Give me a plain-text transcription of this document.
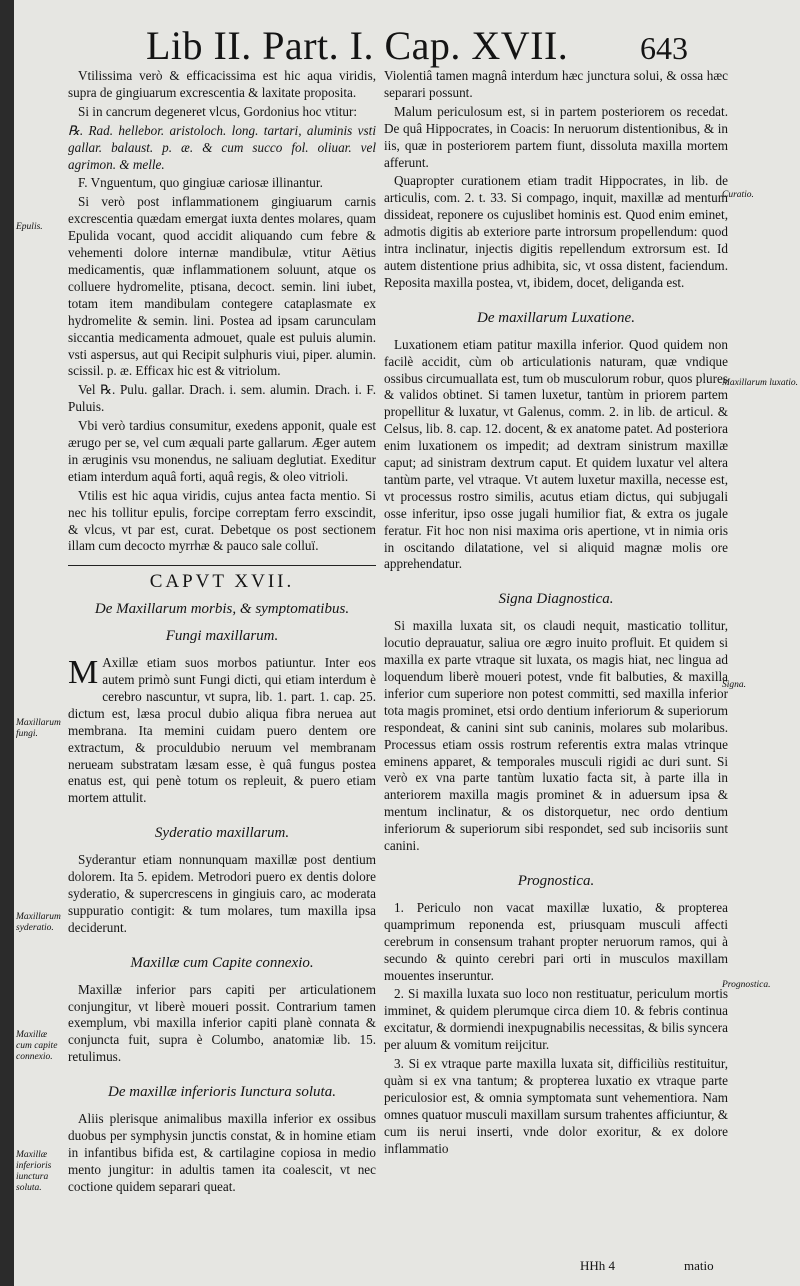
Lib II. Part. I. Cap. XVII. 643
Epulis.
Maxillarum fungi.
Maxillarum syderatio.
Maxillæ cum capite connexio.
Maxillæ inferioris iunctura soluta.
Curatio.
Maxillarum luxatio.
Signa.
Prognostica.

Vtilissima verò & efficacissima est hic aqua viridis, supra de gingiuarum excrescentia & laxitate proposita.

Si in cancrum degeneret vlcus, Gordonius hoc vtitur:

℞. Rad. hellebor. aristoloch. long. tartari, aluminis vsti gallar. balaust. p. æ. & cum succo fol. oliuar. vel agrimon. & melle.

F. Vnguentum, quo gingiuæ cariosæ illinantur.

Si verò post inflammationem gingiuarum carnis excrescentia quædam emergat iuxta dentes molares, quam Epulida vocant, quod accidit aliquando cum febre & vehementi dolore internæ mandibulæ, vtitur Aëtius medicamentis, quæ inflammationem soluunt, atque os colluere hydromelite, ptisana, decoct. semin. lini iubet, totam item mandibulam contegere cataplasmate ex hydromelite & semin. lini. Postea ad ipsam carunculam siccantia medicamenta admouet, quale est puluis alumin. vsti aspersus, aut qui Recipit sulphuris viui, piper. alumin. scissil. p. æ. Efficax hic est & vitriolum.

Vel ℞. Pulu. gallar. Drach. i. sem. alumin. Drach. i. F. Puluis.

Vbi verò tardius consumitur, exedens apponit, quale est ærugo per se, vel cum æquali parte gallarum. Æger autem in æruginis vsu monendus, ne saliuam deglutiat. Exeditur etiam interdum aquâ forti, aquâ regis, & oleo vitrioli.

Vtilis est hic aqua viridis, cujus antea facta mentio. Si nec his tollitur epulis, forcipe correptam ferro exscindit, & vlcus, vt par est, curat. Debetque os post sectionem illam cum decocto myrrhæ & pauco sale colluï.

CAPVT XVII.
De Maxillarum morbis, & symptomatibus.
Fungi maxillarum.

M Axillæ etiam suos morbos patiuntur. Inter eos autem primò sunt Fungi dicti, qui etiam interdum è cerebro nascuntur, vt supra, lib. 1. part. 1. cap. 25. dictum est, læsa procul dubio aliqua fibra neruea aut membrana. Ita memini cuidam puero dentem ore extractum, & proculdubio neruum vel membranam nerueam substratam læsam esse, è quâ fungus postea enatus est, qui penè totum os repleuit, & puero etiam mortem attulit.

Syderatio maxillarum.

Syderantur etiam nonnunquam maxillæ post dentium dolorem. Ita 5. epidem. Metrodori puero ex dentis dolore syderatio, & supercrescens in gingiuis caro, ac moderata suppuratio contigit: & tum molares, tum maxilla ipsa deciderunt.

Maxillæ cum Capite connexio.

Maxillæ inferior pars capiti per articulationem conjungitur, vt liberè moueri possit. Contrarium tamen exemplum, vbi maxilla inferior capiti planè connata & conjuncta fuit, supra è Columbo, anatomiæ lib. 15. retulimus.

De maxillæ inferioris Iunctura soluta.

Aliis plerisque animalibus maxilla inferior ex ossibus duobus per symphysin junctis constat, & in homine etiam in infantibus bifida est, & cartilagine copiosa in medio mento jungitur: in adultis tamen ita coalescit, vt nec coctione quidem separari queat.

Violentiâ tamen magnâ interdum hæc junctura solui, & ossa hæc separari possunt.

Malum periculosum est, si in partem posteriorem os recedat. De quâ Hippocrates, in Coacis: In neruorum distentionibus, & in iis, quæ in posteriorem partem fiunt, dissoluta maxilla mortem afferunt.

Quapropter curationem etiam tradit Hippocrates, in lib. de articulis, com. 2. t. 33. Si compago, inquit, maxillæ ad mentum dissideat, reponere os cujuslibet hominis est. Quod enim eminet, admotis digitis ab exteriore parte introrsum propellendum: quod intra inclinatur, injectis digitis repellendum extrorsum est. Id autem distentione prius adhibita, sic, vt ossa distent, faciendum. Reposita maxilla postea, vt, ibidem, docet, deliganda est.

De maxillarum Luxatione.

Luxationem etiam patitur maxilla inferior. Quod quidem non facilè accidit, cùm ob articulationis naturam, quæ vndique ossibus circumuallata est, tum ob musculorum robur, quos plures & validos obtinet. Si tamen luxetur, tantùm in priorem partem propellitur & luxatur, vt Galenus, comm. 2. in lib. de articul. & Celsus, lib. 8. cap. 12. docent, & ex anatome patet. Ad posteriora enim luxationem os impedit; ad dextram sinistrum maxillæ caput; ad sinistram dextrum caput. Et quidem luxatur vel altera tantùm parte, vel vtraque. Vt autem luxetur maxilla, necesse est, vt processus rostro similis, acutus etiam dictus, qui subjugali osse inferitur, ipso osse jugali humilior fiat, & extra os jugale feratur. Fit hoc non nisi maxima oris apertione, vt in nimia oris in oscitando dilatatione, vel si aliquid magnæ molis ore apprehendatur.

Signa Diagnostica.

Si maxilla luxata sit, os claudi nequit, masticatio tollitur, locutio deprauatur, saliua ore ægro inuito profluit. Et quidem si maxilla ex parte vtraque sit luxata, os magis hiat, nec lingua ad loquendum liberè moueri potest, vnde fit balbuties, & maxilla inferior cum superiore non potest committi, sed maxilla inferior tota magis prominet, etsi ordo dentium inferiorum & superiorum respondeat, & canini sint sub caninis, molares sub molaribus. Processus etiam ossis rostrum referentis extra malas vtrinque eminens apparet, & temporales musculi rigidi ac duri sunt. Si verò ex vna parte tantùm luxatio facta sit, à parte illa in anteriorem maxilla magis prominet & in aduersum ipsa & mentum inclinatur, & os distorquetur, nec ordo dentium inferiorum & superiorum sibi respondet, sed sub incisoriis sunt canini.

Prognostica.

1. Periculo non vacat maxillæ luxatio, & propterea quamprimum reponenda est, priusquam musculi affecti cerebrum in consensum trahant propter neruorum ramos, qui à secundo & quinto cerebri pari orti in musculos maxillam mouentes inseruntur.

2. Si maxilla luxata suo loco non restituatur, periculum mortis imminet, & quidem plerumque circa diem 10. & febris continua excitatur, & dormiendi inexpugnabilis necessitas, & bilis syncera per aluum & vomitum reijcitur.

3. Si ex vtraque parte maxilla luxata sit, difficiliùs restituitur, quàm si ex vna tantum; & propterea luxatio ex vtraque parte periculosior est, & omnia symptomata sunt vehementiora. Nam omnes quatuor musculi maxillam sursum trahentes afficiuntur, & cum iis nerui inserti, vnde dolor exoritur, & ex dolore inflammatio

HHh 4	matio
